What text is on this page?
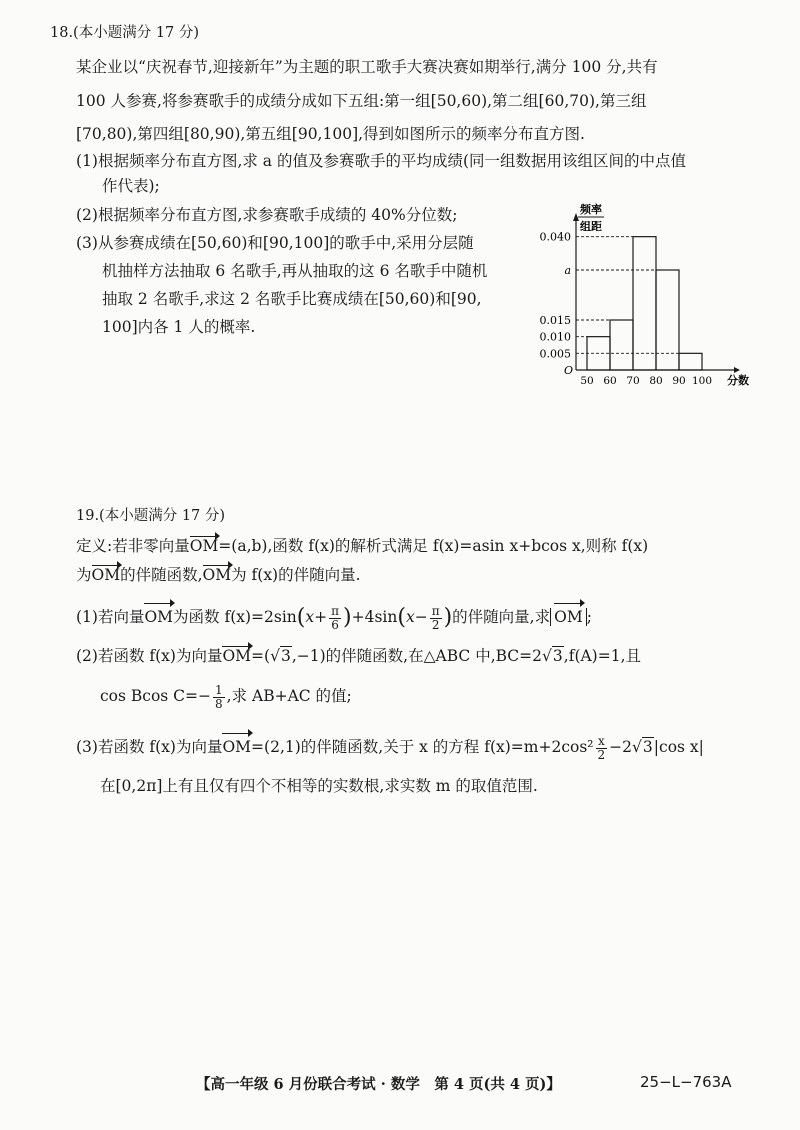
18.(本小题满分 17 分)
某企业以“庆祝春节,迎接新年”为主题的职工歌手大赛决赛如期举行,满分 100 分,共有
100 人参赛,将参赛歌手的成绩分成如下五组:第一组[50,60),第二组[60,70),第三组
[70,80),第四组[80,90),第五组[90,100],得到如图所示的频率分布直方图.
(1)根据频率分布直方图,求 a 的值及参赛歌手的平均成绩(同一组数据用该组区间的中点值
作代表);
(2)根据频率分布直方图,求参赛歌手成绩的 40%分位数;
(3)从参赛成绩在[50,60)和[90,100]的歌手中,采用分层随
机抽样方法抽取 6 名歌手,再从抽取的这 6 名歌手中随机
抽取 2 名歌手,求这 2 名歌手比赛成绩在[50,60)和[90,
100]内各 1 人的概率.
频率
组距
O
0.040
a
0.015
0.010
0.005
50 60 70 80 90 100 分数
19.(本小题满分 17 分)
定义:若非零向量OM=(a,b),函数 f(x)的解析式满足 f(x)=asin x+bcos x,则称 f(x)
为OM的伴随函数,OM为 f(x)的伴随向量.
(1)若向量OM为函数 $f(x)=2\sin(x+ \frac{\pi}{6} )+4\sin(x- \frac{\pi}{2}$ )的伴随向量,求 OM ;
(2)若函数 f(x)为向量OM=(√3,−1)的伴随函数,在△ABC 中,BC=2√3,f(A)=1,且
cos Bcos $C=- \frac{1}{8}$ ,求 AB+AC 的值;
(3)若函数 f(x)为向量OM=(2,1)的伴随函数,关于 x 的方程 $f(x)=m+2\cos^2 \frac{x}{2} -2√3|\cos$ x|
在[0,2π]上有且仅有四个不相等的实数根,求实数 m 的取值范围.
【高一年级 6 月份联合考试 · 数学　第 4 页(共 4 页)】	25−L−763A
